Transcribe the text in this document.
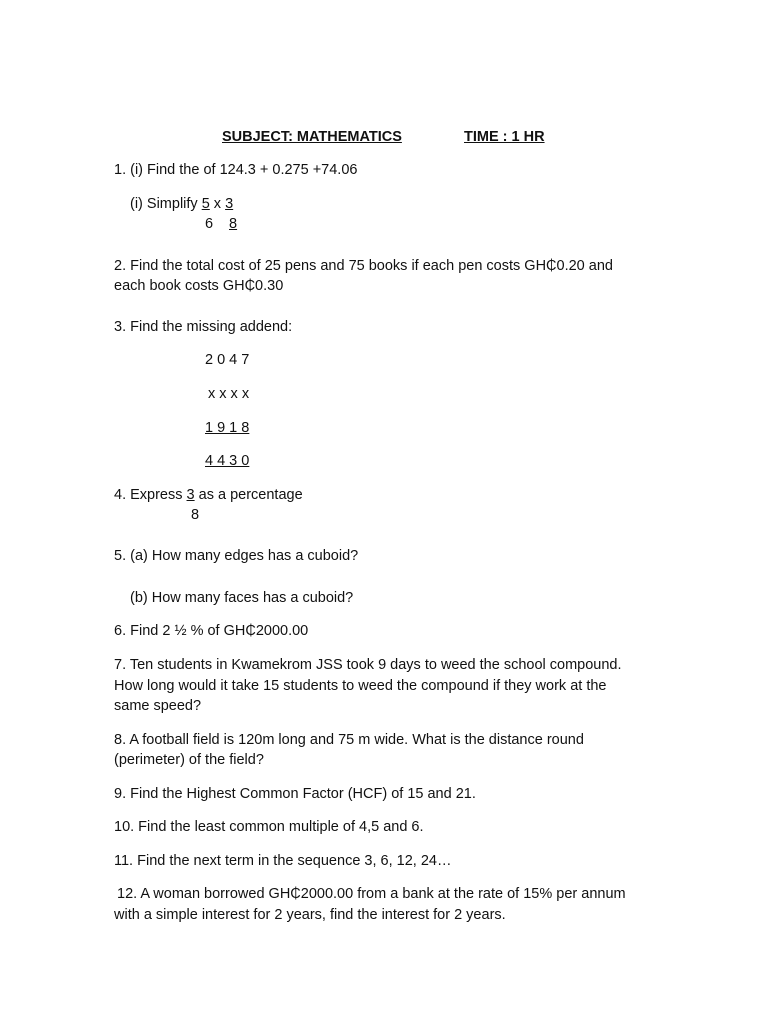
SUBJECT: MATHEMATICS	TIME : 1 HR
1. (i) Find the of 124.3 + 0.275 +74.06
(i) Simplify 5 x 3
6 8
2. Find the total cost of 25 pens and 75 books if each pen costs GH₵0.20 and
each book costs GH₵0.30
3. Find the missing addend:
2 0 4 7
x x x x
1 9 1 8
4 4 3 0
4. Express 3 as a percentage
8
5. (a) How many edges has a cuboid?
(b) How many faces has a cuboid?
6. Find 2 ½ % of GH₵2000.00
7. Ten students in Kwamekrom JSS took 9 days to weed the school compound.
How long would it take 15 students to weed the compound if they work at the
same speed?
8. A football field is 120m long and 75 m wide. What is the distance round
(perimeter) of the field?
9. Find the Highest Common Factor (HCF) of 15 and 21.
10. Find the least common multiple of 4,5 and 6.
11. Find the next term in the sequence 3, 6, 12, 24…
12. A woman borrowed GH₵2000.00 from a bank at the rate of 15% per annum
with a simple interest for 2 years, find the interest for 2 years.
